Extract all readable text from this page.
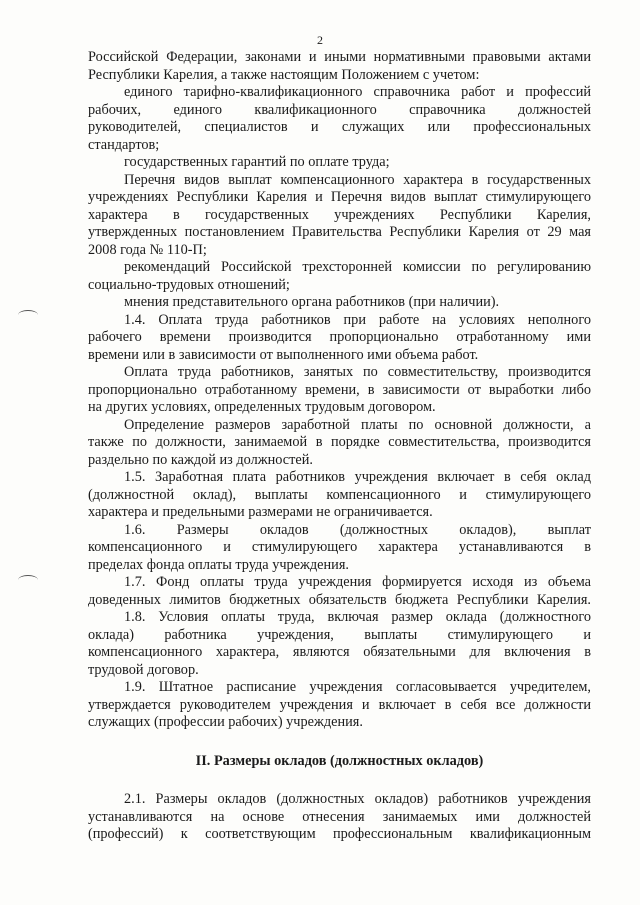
2
Российской Федерации, законами и иными нормативными правовыми актами
Республики Карелия, а также настоящим Положением с учетом:
единого тарифно-квалификационного справочника работ и профессий
рабочих, единого квалификационного справочника должностей
руководителей, специалистов и служащих или профессиональных
стандартов;
государственных гарантий по оплате труда;
Перечня видов выплат компенсационного характера в государственных
учреждениях Республики Карелия и Перечня видов выплат стимулирующего
характера в государственных учреждениях Республики Карелия,
утвержденных постановлением Правительства Республики Карелия от 29 мая
2008 года № 110-П;
рекомендаций Российской трехсторонней комиссии по регулированию
социально-трудовых отношений;
мнения представительного органа работников (при наличии).
1.4. Оплата труда работников при работе на условиях неполного
рабочего времени производится пропорционально отработанному ими
времени или в зависимости от выполненного ими объема работ.
Оплата труда работников, занятых по совместительству, производится
пропорционально отработанному времени, в зависимости от выработки либо
на других условиях, определенных трудовым договором.
Определение размеров заработной платы по основной должности, а
также по должности, занимаемой в порядке совместительства, производится
раздельно по каждой из должностей.
1.5. Заработная плата работников учреждения включает в себя оклад
(должностной оклад), выплаты компенсационного и стимулирующего
характера и предельными размерами не ограничивается.
1.6. Размеры окладов (должностных окладов), выплат
компенсационного и стимулирующего характера устанавливаются в
пределах фонда оплаты труда учреждения.
1.7. Фонд оплаты труда учреждения формируется исходя из объема
доведенных лимитов бюджетных обязательств бюджета Республики Карелия.
1.8. Условия оплаты труда, включая размер оклада (должностного
оклада) работника учреждения, выплаты стимулирующего и
компенсационного характера, являются обязательными для включения в
трудовой договор.
1.9. Штатное расписание учреждения согласовывается учредителем,
утверждается руководителем учреждения и включает в себя все должности
служащих (профессии рабочих) учреждения.
II. Размеры окладов (должностных окладов)
2.1. Размеры окладов (должностных окладов) работников учреждения
устанавливаются на основе отнесения занимаемых ими должностей
(профессий) к соответствующим профессиональным квалификационным
